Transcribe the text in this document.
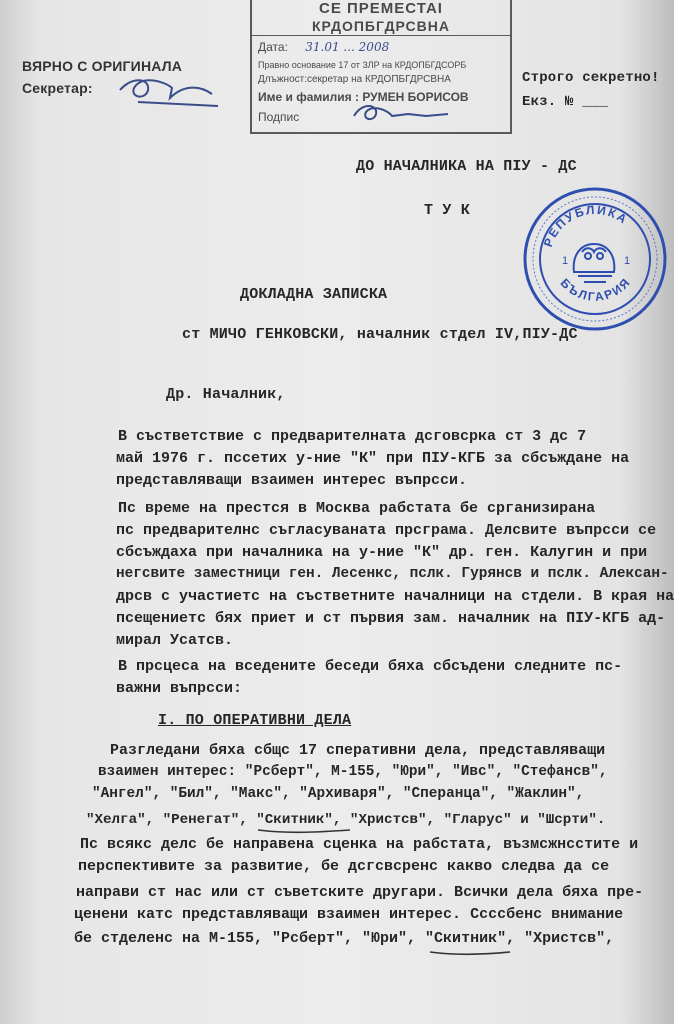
ВЯРНО С ОРИГИНАЛА
Секретар:
СЕ ПРЕМЕСТАI
КРДОПБГДРСВНА
Дата: 31.01 ... 2008
Правно основание 17 от ЗЛР на КРДОПБГДСОРБ
Длъжност:секретар на КРДОПБГДРСВНА
Име и фамилия : РУМЕН БОРИСОВ
Подпис
Строго секретно!
Екз. № ___
ДО НАЧАЛНИКА НА ПІУ - ДС
Т У К
РЕПУБЛИКА
БЪЛГАРИЯ
1	1
ДОКЛАДНА ЗАПИСКА
ст МИЧО ГЕНКОВСКИ, началник стдел IV,ПІУ-ДС
Др. Началник,
В състветствие с предварителната дсговсрка ст 3 дс 7
май 1976 г. пссетих у-ние "К" при ПІУ-КГБ за сбсъждане на
представляващи взаимен интерес въпрсси.
Пс време на престся в Москва рабстата бе срганизирана
пс предварителнс съгласуваната прсграма. Делсвите въпрсси се
сбсъждаха при началника на у-ние "К" др. ген. Калугин и при
негсвите заместници ген. Лесенкс, пслк. Гурянсв и пслк. Алексан-
дрсв с участиетс на състветните началници на стдели. В края на
псещениетс бях приет и ст първия зам. началник на ПІУ-КГБ ад-
мирал Усатсв.
В прсцеса на вседените беседи бяха сбсъдени следните пс-
важни въпрсси:
I. ПО ОПЕРАТИВНИ ДЕЛА
Разгледани бяха сбщс 17 сперативни дела, представляващи
взаимен интерес: "Рсберт", М-155, "Юри", "Ивс", "Стефансв",
"Ангел", "Бил", "Макс", "Архиваря", "Сперанца", "Жаклин",
"Хелга", "Ренегат", "Скитник", "Христсв", "Гларус" и "Шсрти".
Пс всякс делс бе направена сценка на рабстата, възмсжнсстите и
перспективите за развитие, бе дсгсвсренс какво следва да се
направи ст нас или ст съветските другари. Всички дела бяха пре-
ценени катс представляващи взаимен интерес. Ссссбенс внимание
бе стделенс на М-155, "Рсберт", "Юри", "Скитник", "Христсв",
